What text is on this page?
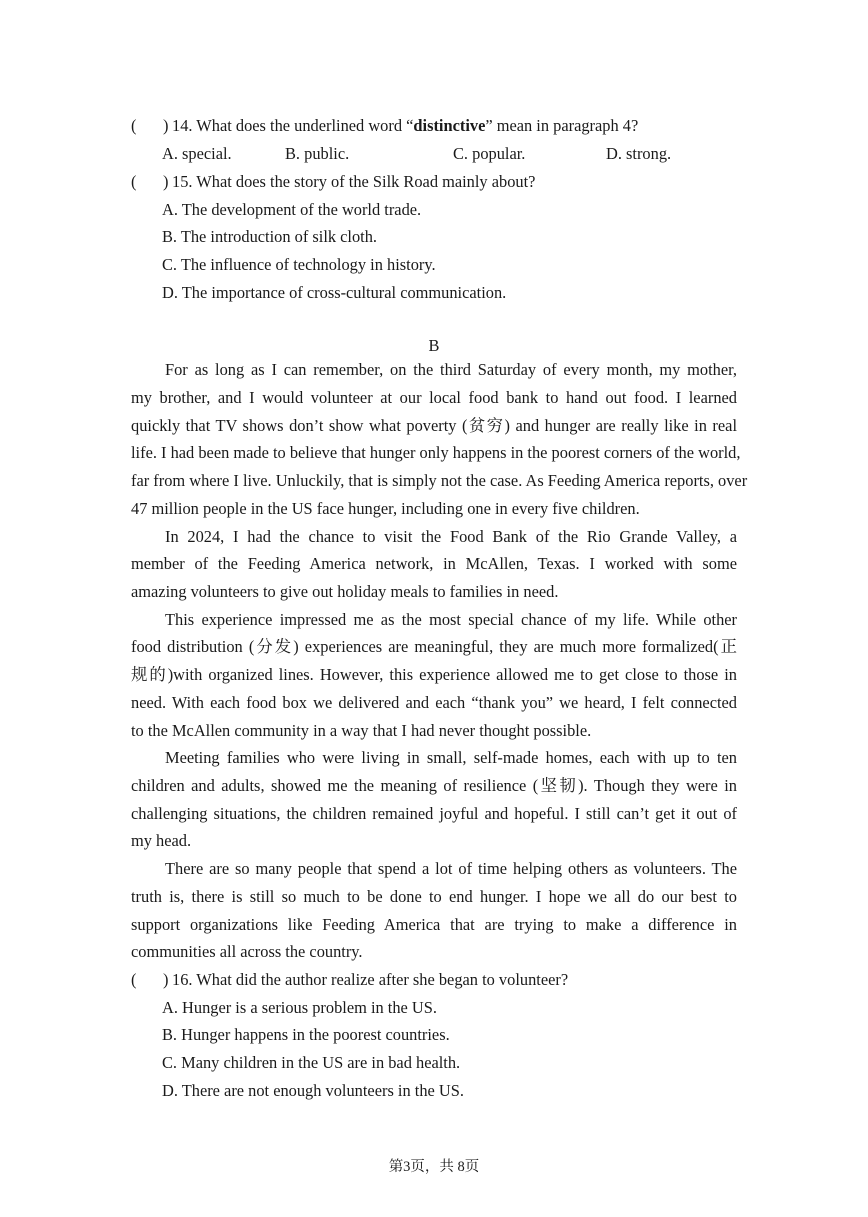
( ) 14. What does the underlined word “distinctive” mean in paragraph 4?
A. special.	B. public.	C. popular.	D. strong.
( ) 15. What does the story of the Silk Road mainly about?
A. The development of the world trade.
B. The introduction of silk cloth.
C. The influence of technology in history.
D. The importance of cross-cultural communication.
B
For as long as I can remember, on the third Saturday of every month, my mother,
my brother, and I would volunteer at our local food bank to hand out food. I learned
quickly that TV shows don’t show what poverty (贫穷) and hunger are really like in real
life. I had been made to believe that hunger only happens in the poorest corners of the world,
far from where I live. Unluckily, that is simply not the case. As Feeding America reports, over
47 million people in the US face hunger, including one in every five children.
In 2024, I had the chance to visit the Food Bank of the Rio Grande Valley, a
member of the Feeding America network, in McAllen, Texas. I worked with some
amazing volunteers to give out holiday meals to families in need.
This experience impressed me as the most special chance of my life. While other
food distribution (分发) experiences are meaningful, they are much more formalized(正
规的)with organized lines. However, this experience allowed me to get close to those in
need. With each food box we delivered and each “thank you” we heard, I felt connected
to the McAllen community in a way that I had never thought possible.
Meeting families who were living in small, self-made homes, each with up to ten
children and adults, showed me the meaning of resilience (坚韧). Though they were in
challenging situations, the children remained joyful and hopeful. I still can’t get it out of
my head.
There are so many people that spend a lot of time helping others as volunteers. The
truth is, there is still so much to be done to end hunger. I hope we all do our best to
support organizations like Feeding America that are trying to make a difference in
communities all across the country.
( ) 16. What did the author realize after she began to volunteer?
A. Hunger is a serious problem in the US.
B. Hunger happens in the poorest countries.
C. Many children in the US are in bad health.
D. There are not enough volunteers in the US.
第3页，共 8页
